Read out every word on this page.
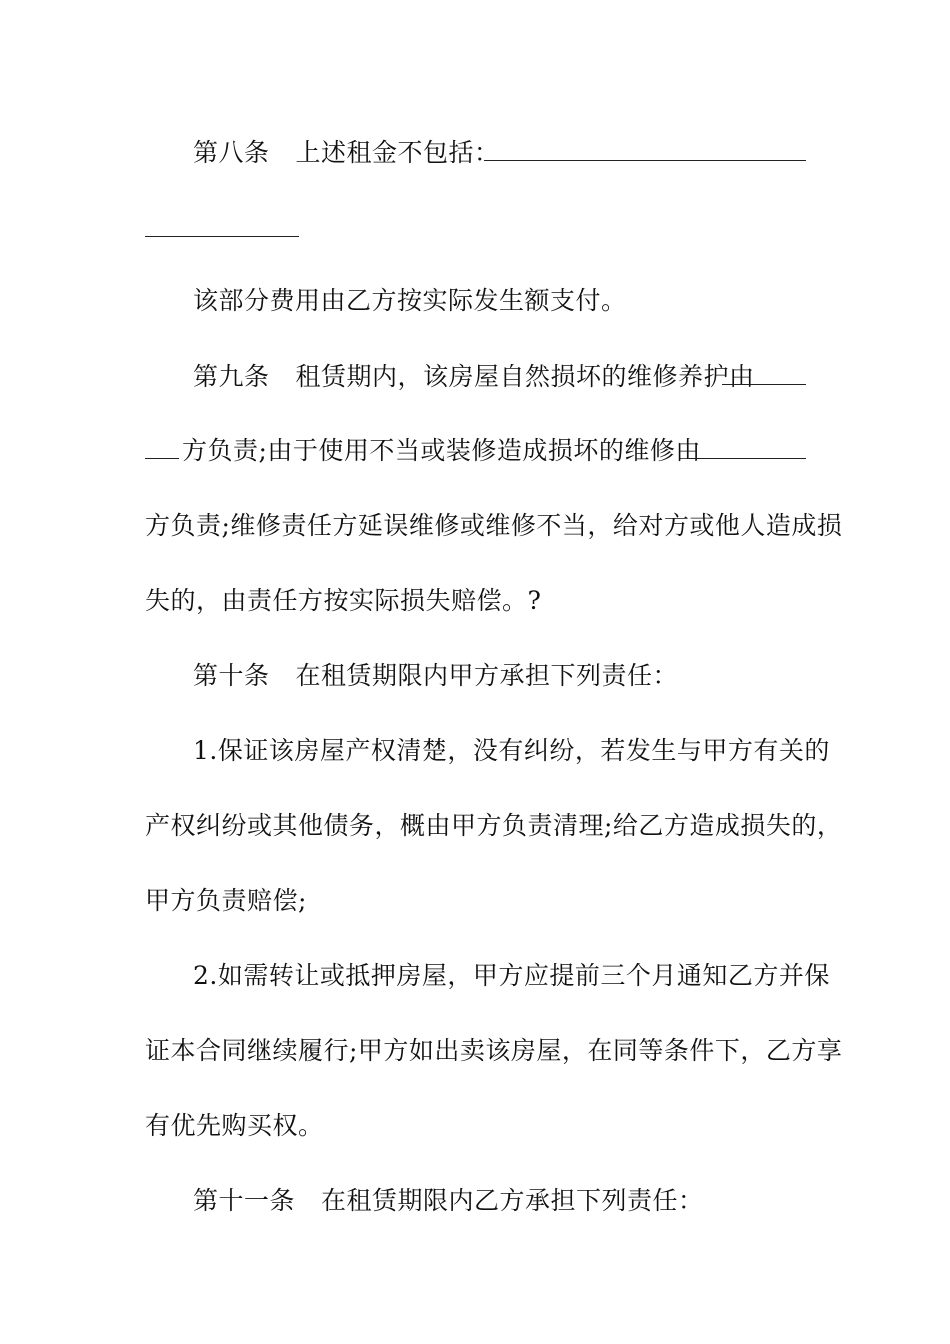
第八条 上述租金不包括：
该部分费用由乙方按实际发生额支付。
第九条 租赁期内，该房屋自然损坏的维修养护由
方负责;由于使用不当或装修造成损坏的维修由
方负责;维修责任方延误维修或维修不当，给对方或他人造成损
失的，由责任方按实际损失赔偿。?
第十条 在租赁期限内甲方承担下列责任：
1.保证该房屋产权清楚，没有纠纷，若发生与甲方有关的
产权纠纷或其他债务，概由甲方负责清理;给乙方造成损失的，
甲方负责赔偿;
2.如需转让或抵押房屋，甲方应提前三个月通知乙方并保
证本合同继续履行;甲方如出卖该房屋，在同等条件下，乙方享
有优先购买权。
第十一条 在租赁期限内乙方承担下列责任：
